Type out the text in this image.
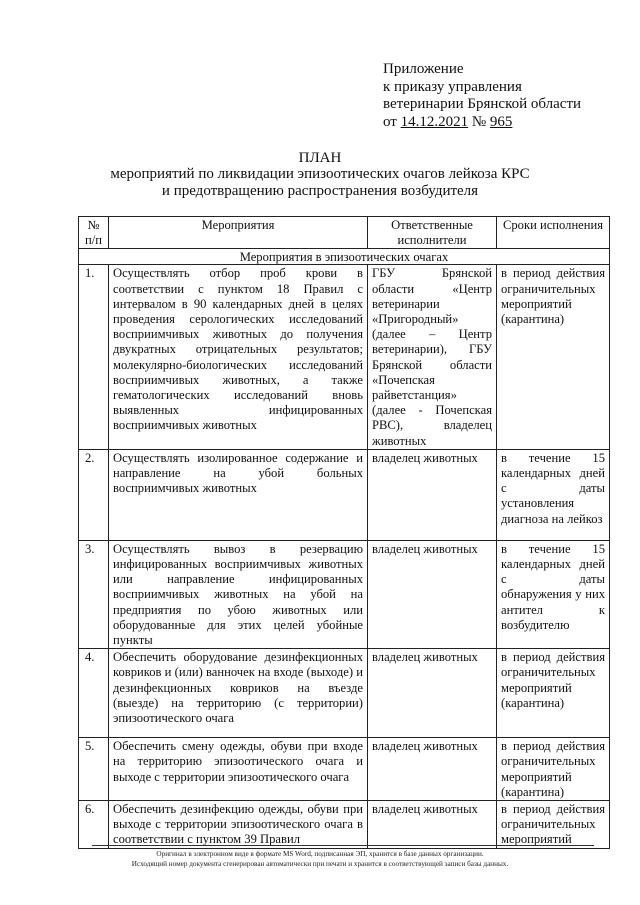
Приложение
к приказу управления
ветеринарии Брянской области
от 14.12.2021 № 965
ПЛАН
мероприятий по ликвидации эпизоотических очагов лейкоза КРС
и предотвращению распространения возбудителя
№ п/п	Мероприятия	Ответственные исполнители	Сроки исполнения
Мероприятия в эпизоотических очагах			
1.	Осуществлять отбор проб крови в соответствии с пунктом 18 Правил с интервалом в 90 календарных дней в целях проведения серологических исследований восприимчивых животных до получения двукратных отрицательных результатов; молекулярно-биологических исследований восприимчивых животных, а также гематологических исследований вновь выявленных инфицированных восприимчивых животных	ГБУ Брянской области «Центр ветеринарии «Пригородный» (далее – Центр ветеринарии), ГБУ Брянской области «Почепская райветстанция» (далее - Почепская РВС), владелец животных	в период действия ограничительных мероприятий (карантина)
2.	Осуществлять изолированное содержание и направление на убой больных восприимчивых животных	владелец животных	в течение 15 календарных дней с даты установления диагноза на лейкоз
3.	Осуществлять вывоз в резервацию инфицированных восприимчивых животных или направление инфицированных восприимчивых животных на убой на предприятия по убою животных или оборудованные для этих целей убойные пункты	владелец животных	в течение 15 календарных дней с даты обнаружения у них антител к возбудителю
4.	Обеспечить оборудование дезинфекционных ковриков и (или) ванночек на входе (выходе) и дезинфекционных ковриков на въезде (выезде) на территорию (с территории) эпизоотического очага	владелец животных	в период действия ограничительных мероприятий (карантина)
5.	Обеспечить смену одежды, обуви при входе на территорию эпизоотического очага и выходе с территории эпизоотического очага	владелец животных	в период действия ограничительных мероприятий (карантина)
6.	Обеспечить дезинфекцию одежды, обуви при выходе с территории эпизоотического очага в соответствии с пунктом 39 Правил	владелец животных	в период действия ограничительных мероприятий
Оригинал в электронном виде в формате MS Word, подписанная ЭП, хранится в базе данных организации.
Исходящий номер документа сгенерирован автоматически при печати и хранится в соответствующей записи базы данных.
